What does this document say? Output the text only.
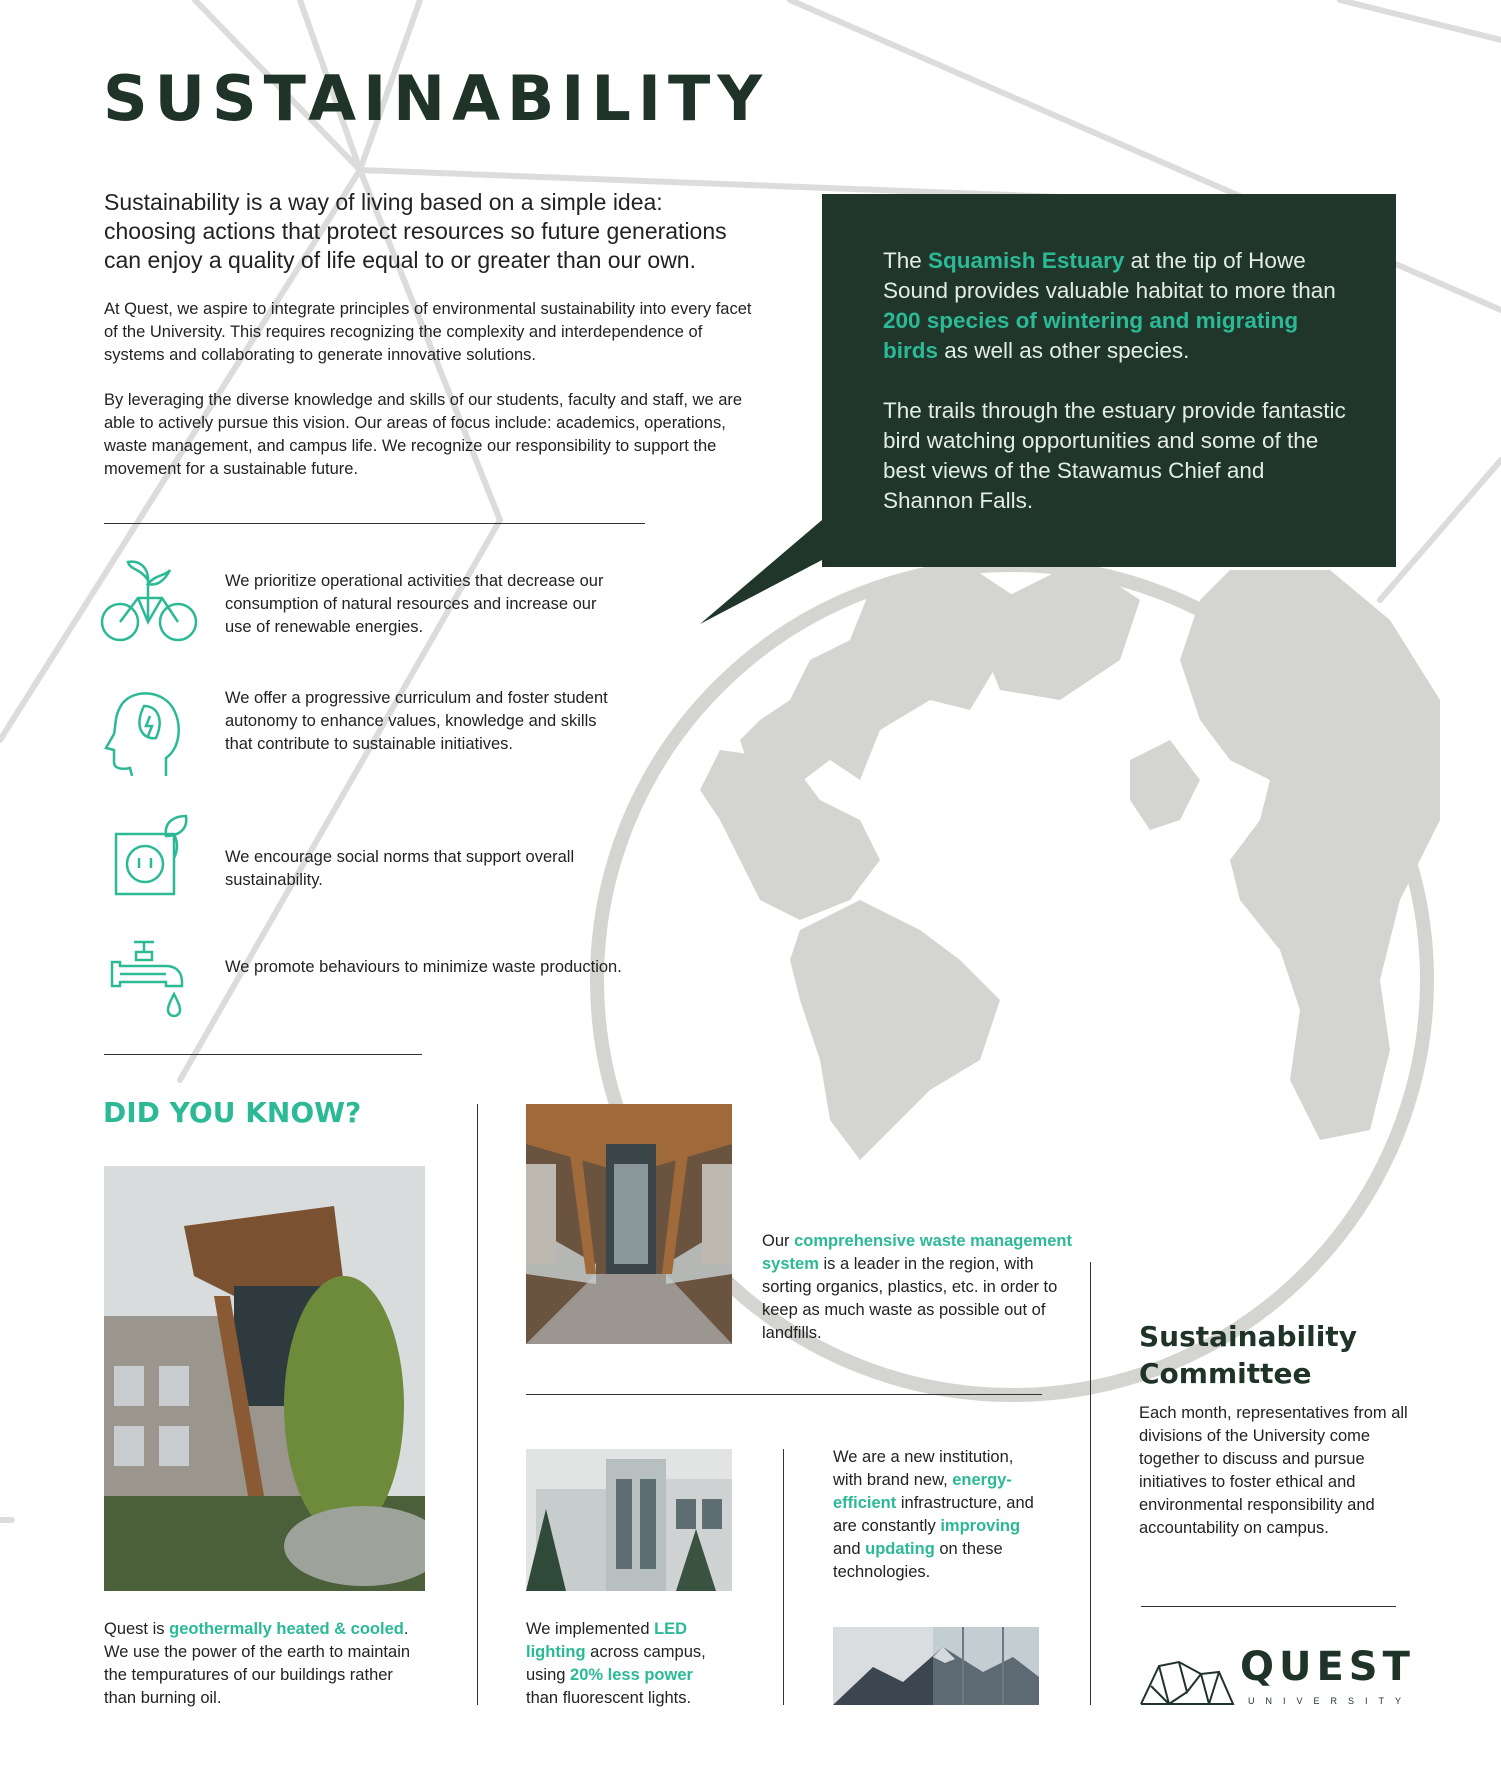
SUSTAINABILITY

Sustainability is a way of living based on a simple idea: choosing actions that protect resources so future generations can enjoy a quality of life equal to or greater than our own.

At Quest, we aspire to integrate principles of environmental sustainability into every facet of the University. This requires recognizing the complexity and interdependence of systems and collaborating to generate innovative solutions.

By leveraging the diverse knowledge and skills of our students, faculty and staff, we are able to actively pursue this vision. Our areas of focus include: academics, operations, waste management, and campus life. We recognize our responsibility to support the movement for a sustainable future.

The Squamish Estuary at the tip of Howe Sound provides valuable habitat to more than 200 species of wintering and migrating birds as well as other species.

The trails through the estuary provide fantastic bird watching opportunities and some of the best views of the Stawamus Chief and Shannon Falls.

We prioritize operational activities that decrease our consumption of natural resources and increase our use of renewable energies.

We offer a progressive curriculum and foster student autonomy to enhance values, knowledge and skills that contribute to sustainable initiatives.

We encourage social norms that support overall sustainability.

We promote behaviours to minimize waste production.

DID YOU KNOW?

Quest is geothermally heated & cooled. We use the power of the earth to maintain the tempuratures of our buildings rather than burning oil.

Our comprehensive waste management system is a leader in the region, with sorting organics, plastics, etc. in order to keep as much waste as possible out of landfills.

We implemented LED lighting across campus, using 20% less power than fluorescent lights.

We are a new institution, with brand new, energy-efficient infrastructure, and are constantly improving and updating on these technologies.

Sustainability Committee

Each month, representatives from all divisions of the University come together to discuss and pursue initiatives to foster ethical and environmental responsibility and accountability on campus.

QUEST

UNIVERSITY
